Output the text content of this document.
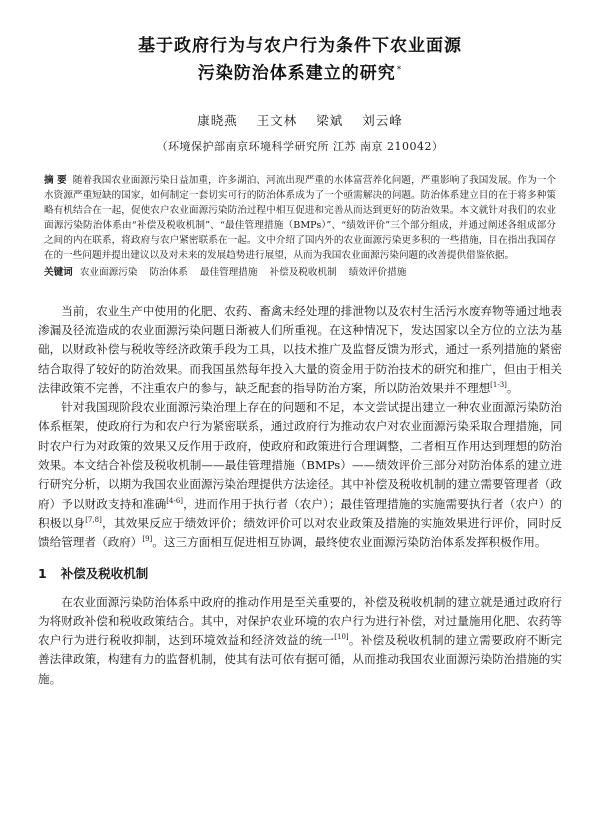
基于政府行为与农户行为条件下农业面源
污染防治体系建立的研究*
康晓燕 王文林 梁斌 刘云峰
（环境保护部南京环境科学研究所 江苏 南京 210042）
摘 要 随着我国农业面源污染日益加重，许多湖泊、河流出现严重的水体富营养化问题，严重影响了我国发展。作为一个水资源严重短缺的国家，如何制定一套切实可行的防治体系成为了一个亟需解决的问题。防治体系建立目的在于将多种策略有机结合在一起，促使农户农业面源污染防治过程中相互促进和完善从而达到更好的防治效果。本文就针对我们的农业面源污染防治体系由“补偿及税收机制”、“最佳管理措施（BMPs）”、“绩效评价”三个部分组成，并通过阐述各组成部分之间的内在联系，将政府与农户紧密联系在一起。文中介绍了国内外的农业面源污染更多积的一些措施，目在指出我国存在的一些问题并提出建议以及对未来的发展趋势进行展望，从而为我国农业面源污染问题的改善提供借鉴依据。
关键词 农业面源污染 防治体系 最佳管理措施 补偿及税收机制 绩效评价措施

当前，农业生产中使用的化肥、农药、畜禽未经处理的排泄物以及农村生活污水废弃物等通过地表渗漏及径流造成的农业面源污染问题日渐被人们所重视。在这种情况下，发达国家以全方位的立法为基础，以财政补偿与税收等经济政策手段为工具，以技术推广及监督反馈为形式，通过一系列措施的紧密结合取得了较好的防治效果。而我国虽然每年投入大量的资金用于防治技术的研究和推广，但由于相关法律政策不完善，不注重农户的参与，缺乏配套的指导防治方案，所以防治效果并不理想[1-3]。

针对我国现阶段农业面源污染治理上存在的问题和不足，本文尝试提出建立一种农业面源污染防治体系框架，使政府行为和农户行为紧密联系，通过政府行为推动农户对农业面源污染采取合理措施，同时农户行为对政策的效果又反作用于政府，使政府和政策进行合理调整，二者相互作用达到理想的防治效果。本文结合补偿及税收机制——最佳管理措施（BMPs）——绩效评价三部分对防治体系的建立进行研究分析，以期为我国农业面源污染治理提供方法途径。其中补偿及税收机制的建立需要管理者（政府）予以财政支持和准确[4-6]，进而作用于执行者（农户）；最佳管理措施的实施需要执行者（农户）的积极以身[7,8]，其效果反应于绩效评价；绩效评价可以对农业政策及措施的实施效果进行评价，同时反馈给管理者（政府）[9]。这三方面相互促进相互协调，最终使农业面源污染防治体系发挥积极作用。

1 补偿及税收机制

在农业面源污染防治体系中政府的推动作用是至关重要的，补偿及税收机制的建立就是通过政府行为将财政补偿和税收政策结合。其中，对保护农业环境的农户行为进行补偿，对过量施用化肥、农药等农户行为进行税收抑制，达到环境效益和经济效益的统一[10]。补偿及税收机制的建立需要政府不断完善法律政策，构建有力的监督机制，使其有法可依有据可循，从而推动我国农业面源污染防治措施的实施。
